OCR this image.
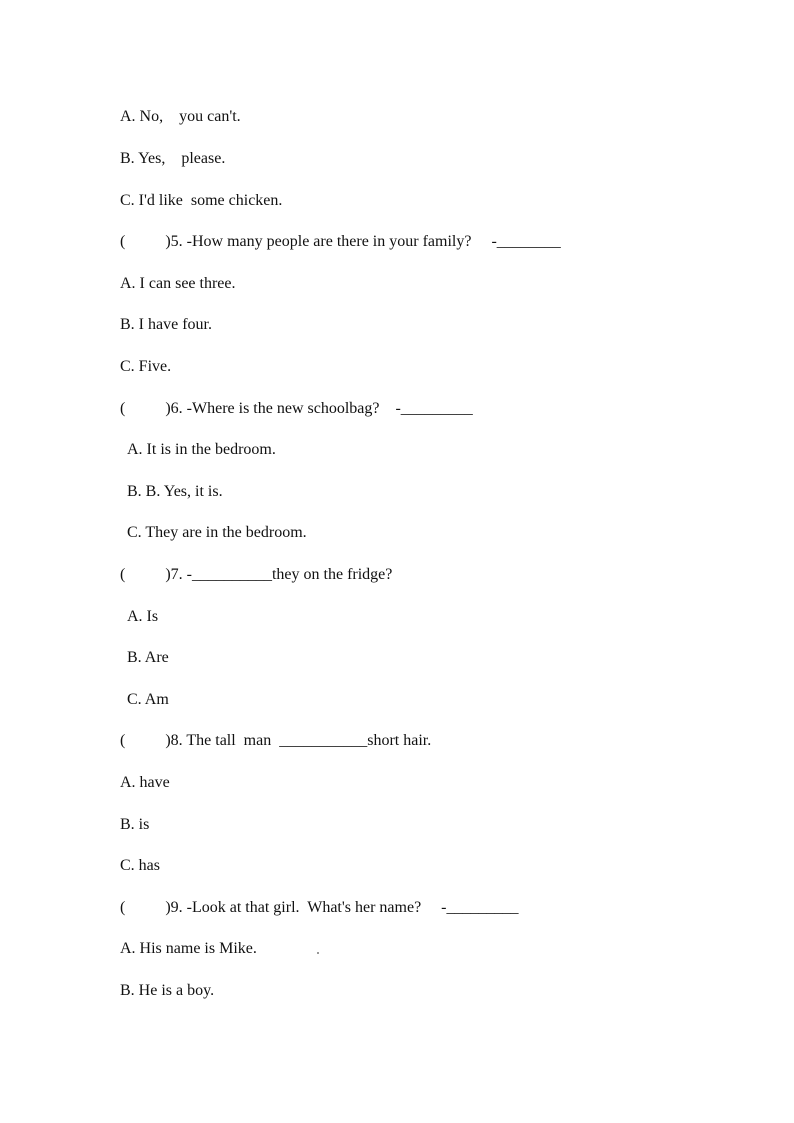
A. No,    you can't.
B. Yes,    please.
C. I'd like  some chicken.
(          )5. -How many people are there in your family?     -________
A. I can see three.
B. I have four.
C. Five.
(          )6. -Where is the new schoolbag?    -_________
A. It is in the bedroom.
B. B. Yes, it is.
C. They are in the bedroom.
(          )7. -__________they on the fridge?
A. Is
B. Are
C. Am
(          )8. The tall  man  ___________short hair.
A. have
B. is
C. has
(          )9. -Look at that girl.  What's her name?     -_________
A. His name is Mike.
B. He is a boy.
